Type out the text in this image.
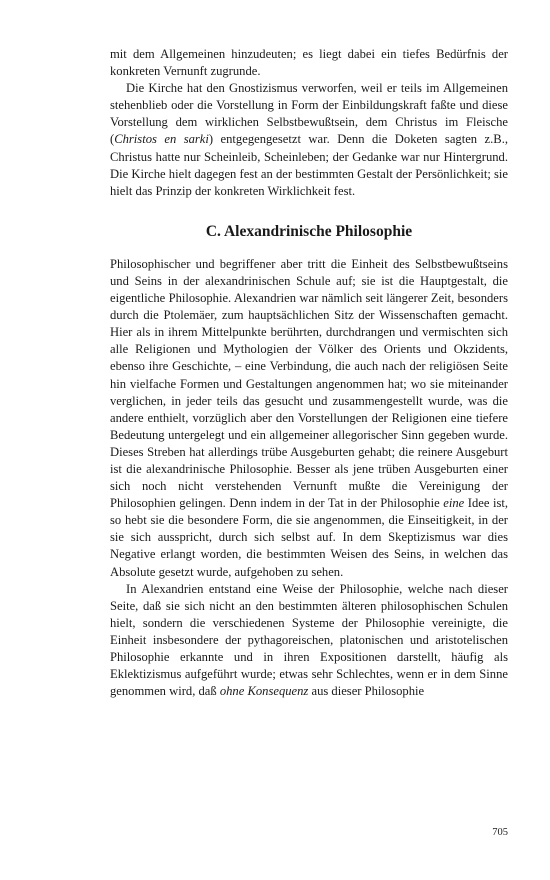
mit dem Allgemeinen hinzudeuten; es liegt dabei ein tiefes Bedürfnis der konkreten Vernunft zugrunde.

Die Kirche hat den Gnostizismus verworfen, weil er teils im Allgemeinen stehenblieb oder die Vorstellung in Form der Einbildungskraft faßte und diese Vorstellung dem wirklichen Selbstbewußtsein, dem Christus im Fleische (Christos en sarki) entgegengesetzt war. Denn die Doketen sagten z.B., Christus hatte nur Scheinleib, Scheinleben; der Gedanke war nur Hintergrund. Die Kirche hielt dagegen fest an der bestimmten Gestalt der Persönlichkeit; sie hielt das Prinzip der konkreten Wirklichkeit fest.

C. Alexandrinische Philosophie

Philosophischer und begriffener aber tritt die Einheit des Selbstbewußtseins und Seins in der alexandrinischen Schule auf; sie ist die Hauptgestalt, die eigentliche Philosophie. Alexandrien war nämlich seit längerer Zeit, besonders durch die Ptolemäer, zum hauptsächlichen Sitz der Wissenschaften gemacht. Hier als in ihrem Mittelpunkte berührten, durchdrangen und vermischten sich alle Religionen und Mythologien der Völker des Orients und Okzidents, ebenso ihre Geschichte, – eine Verbindung, die auch nach der religiösen Seite hin vielfache Formen und Gestaltungen angenommen hat; wo sie miteinander verglichen, in jeder teils das gesucht und zusammengestellt wurde, was die andere enthielt, vorzüglich aber den Vorstellungen der Religionen eine tiefere Bedeutung untergelegt und ein allgemeiner allegorischer Sinn gegeben wurde. Dieses Streben hat allerdings trübe Ausgeburten gehabt; die reinere Ausgeburt ist die alexandrinische Philosophie. Besser als jene trüben Ausgeburten einer sich noch nicht verstehenden Vernunft mußte die Vereinigung der Philosophien gelingen. Denn indem in der Tat in der Philosophie eine Idee ist, so hebt sie die besondere Form, die sie angenommen, die Einseitigkeit, in der sie sich ausspricht, durch sich selbst auf. In dem Skeptizismus war dies Negative erlangt worden, die bestimmten Weisen des Seins, in welchen das Absolute gesetzt wurde, aufgehoben zu sehen.

In Alexandrien entstand eine Weise der Philosophie, welche nach dieser Seite, daß sie sich nicht an den bestimmten älteren philosophischen Schulen hielt, sondern die verschiedenen Systeme der Philosophie vereinigte, die Einheit insbesondere der pythagoreischen, platonischen und aristotelischen Philosophie erkannte und in ihren Expositionen darstellt, häufig als Eklektizismus aufgeführt wurde; etwas sehr Schlechtes, wenn er in dem Sinne genommen wird, daß ohne Konsequenz aus dieser Philosophie

705
